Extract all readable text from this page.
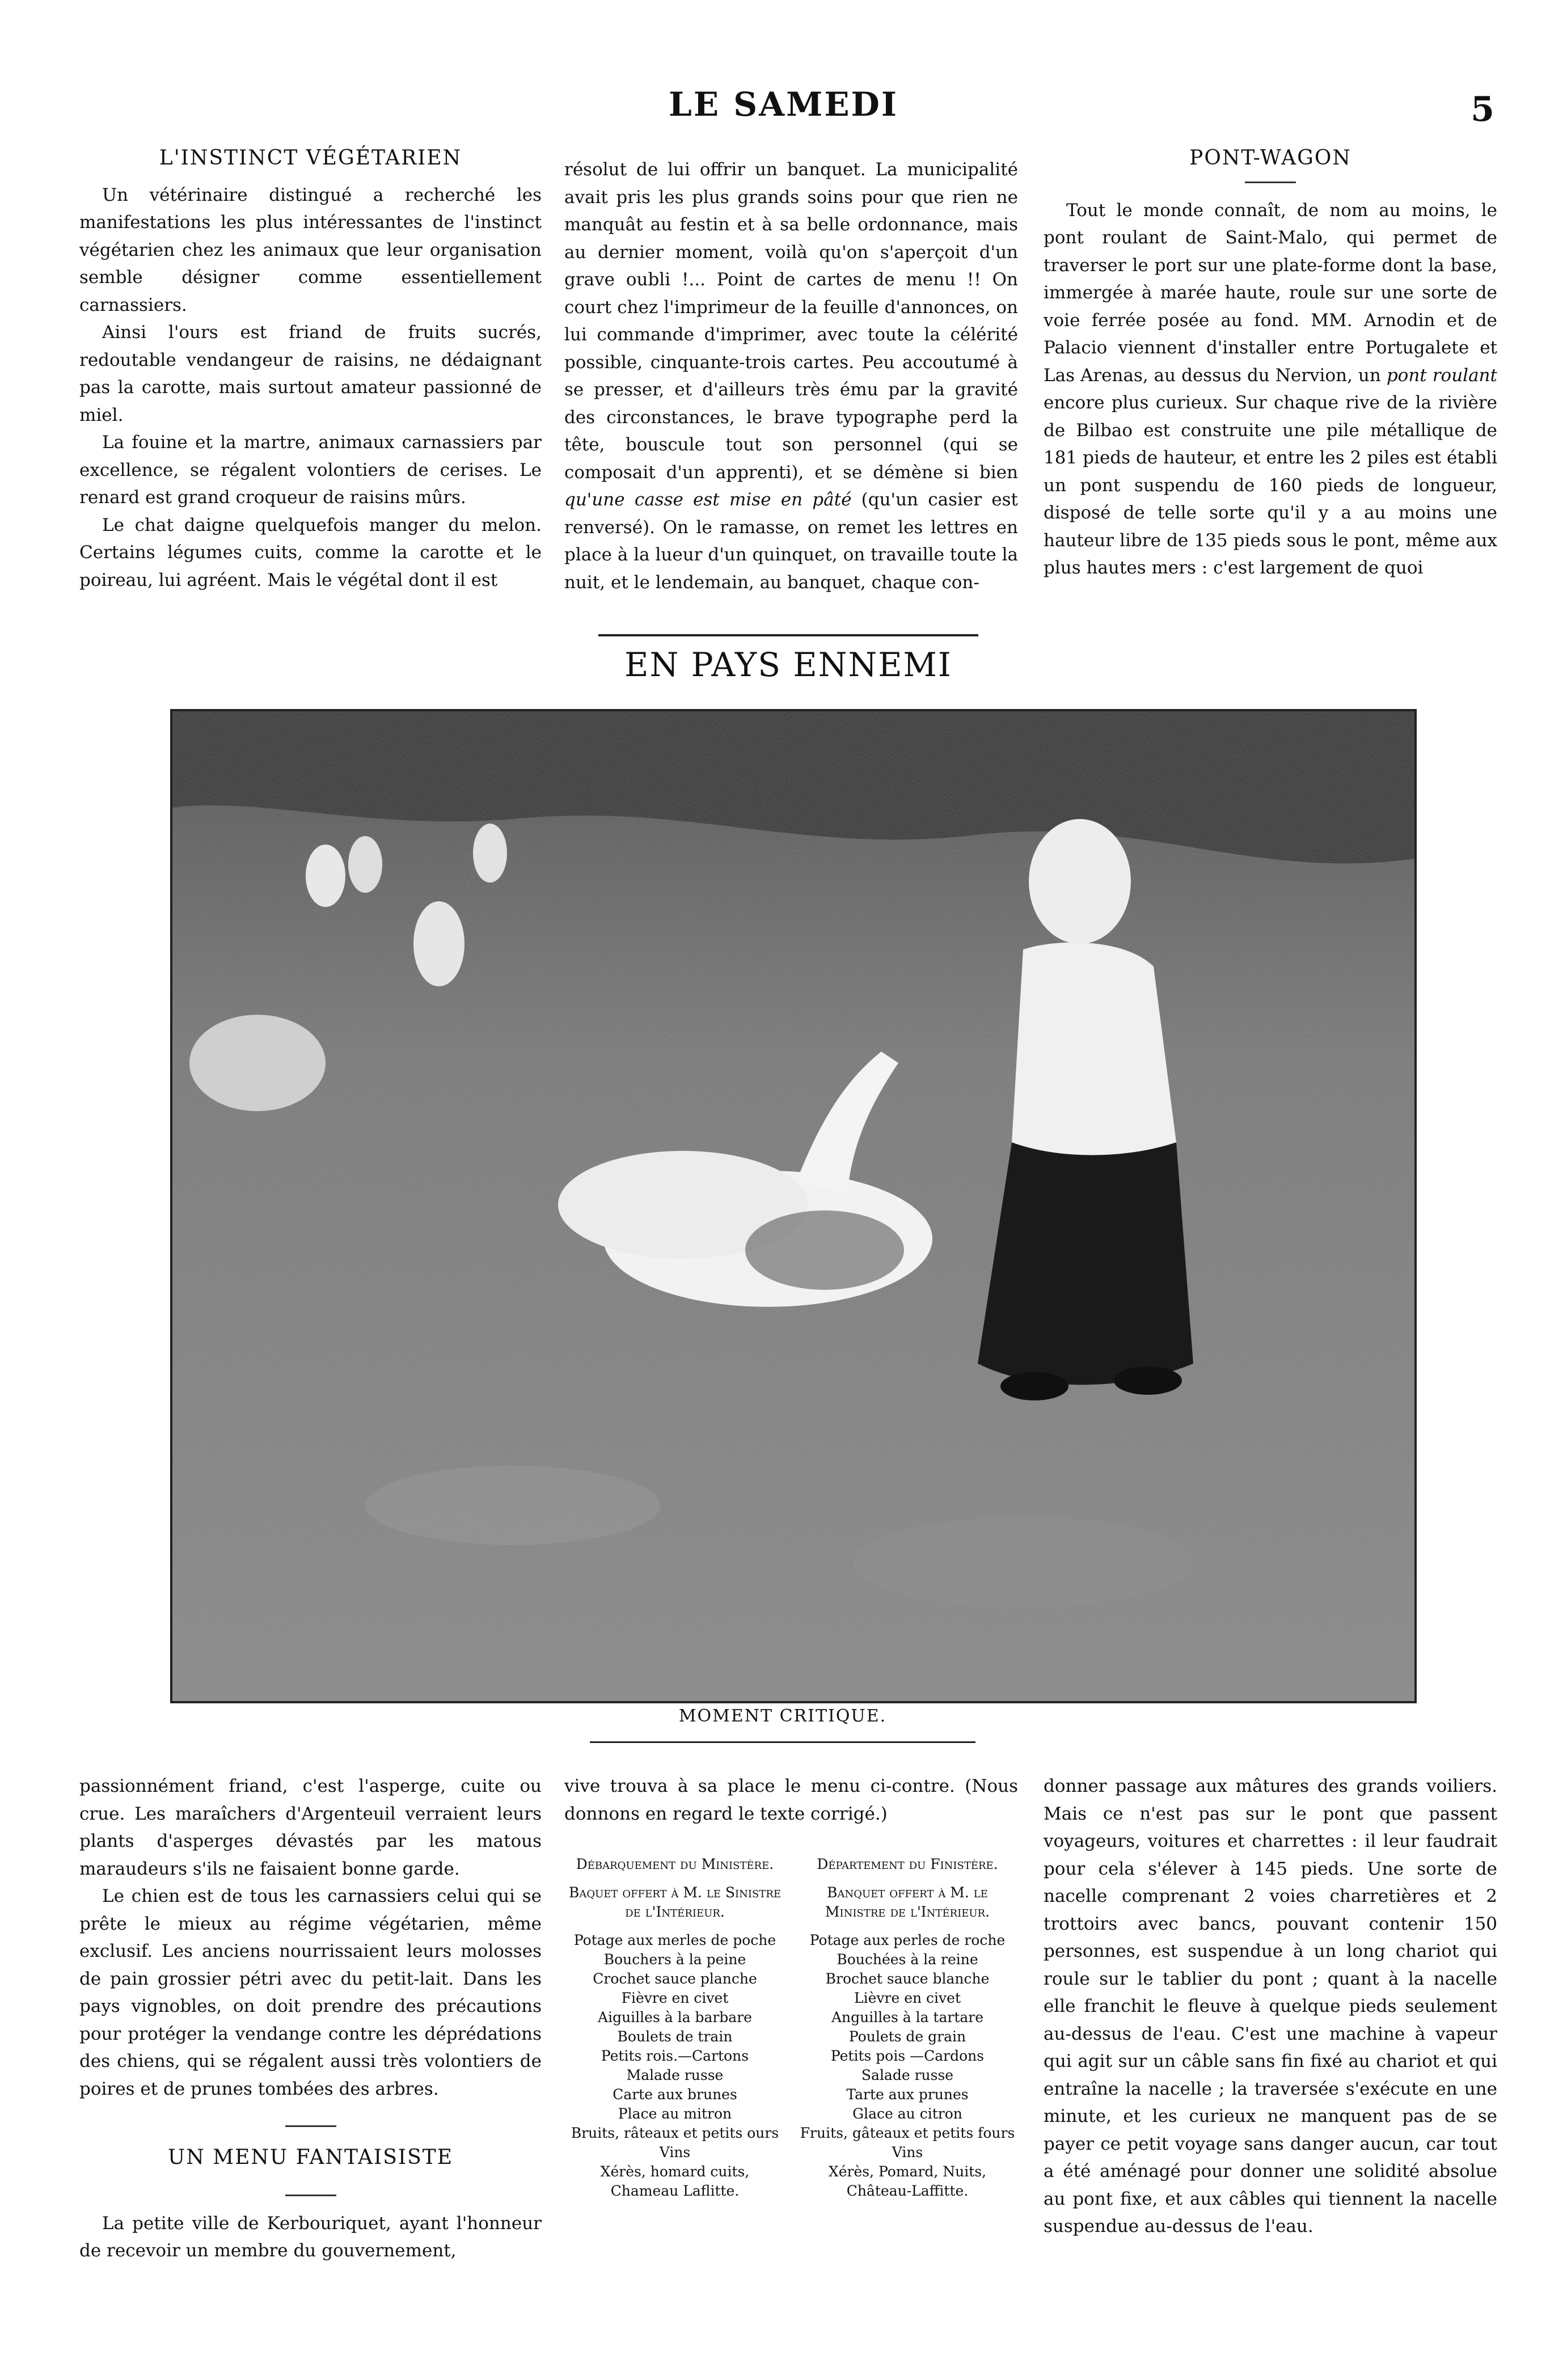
LE SAMEDI	5
L'INSTINCT VÉGÉTARIEN

Un vétérinaire distingué a recherché les manifestations les plus intéressantes de l'instinct végétarien chez les animaux que leur organisation semble désigner comme essentiellement carnassiers.

Ainsi l'ours est friand de fruits sucrés, redoutable vendangeur de raisins, ne dédaignant pas la carotte, mais surtout amateur passionné de miel.

La fouine et la martre, animaux carnassiers par excellence, se régalent volontiers de cerises. Le renard est grand croqueur de raisins mûrs.

Le chat daigne quelquefois manger du melon. Certains légumes cuits, comme la carotte et le poireau, lui agréent. Mais le végétal dont il est

résolut de lui offrir un banquet. La municipalité avait pris les plus grands soins pour que rien ne manquât au festin et à sa belle ordonnance, mais au dernier moment, voilà qu'on s'aperçoit d'un grave oubli !... Point de cartes de menu !! On court chez l'imprimeur de la feuille d'annonces, on lui commande d'imprimer, avec toute la célérité possible, cinquante-trois cartes. Peu accoutumé à se presser, et d'ailleurs très ému par la gravité des circonstances, le brave typographe perd la tête, bouscule tout son personnel (qui se composait d'un apprenti), et se démène si bien qu'une casse est mise en pâté (qu'un casier est renversé). On le ramasse, on remet les lettres en place à la lueur d'un quinquet, on travaille toute la nuit, et le lendemain, au banquet, chaque con-

PONT-WAGON

Tout le monde connaît, de nom au moins, le pont roulant de Saint-Malo, qui permet de traverser le port sur une plate-forme dont la base, immergée à marée haute, roule sur une sorte de voie ferrée posée au fond. MM. Arnodin et de Palacio viennent d'installer entre Portugalete et Las Arenas, au dessus du Nervion, un pont roulant encore plus curieux. Sur chaque rive de la rivière de Bilbao est construite une pile métallique de 181 pieds de hauteur, et entre les 2 piles est établi un pont suspendu de 160 pieds de longueur, disposé de telle sorte qu'il y a au moins une hauteur libre de 135 pieds sous le pont, même aux plus hautes mers : c'est largement de quoi

EN PAYS ENNEMI
MOMENT CRITIQUE.

passionnément friand, c'est l'asperge, cuite ou crue. Les maraîchers d'Argenteuil verraient leurs plants d'asperges dévastés par les matous maraudeurs s'ils ne faisaient bonne garde.

Le chien est de tous les carnassiers celui qui se prête le mieux au régime végétarien, même exclusif. Les anciens nourrissaient leurs molosses de pain grossier pétri avec du petit-lait. Dans les pays vignobles, on doit prendre des précautions pour protéger la vendange contre les déprédations des chiens, qui se régalent aussi très volontiers de poires et de prunes tombées des arbres.

UN MENU FANTAISISTE

La petite ville de Kerbouriquet, ayant l'honneur de recevoir un membre du gouvernement,

vive trouva à sa place le menu ci-contre. (Nous donnons en regard le texte corrigé.)

Débarquement du Ministère.
Baquet offert à M. le Sinistre de l'Intérieur.
Potage aux merles de poche
Bouchers à la peine
Crochet sauce planche
Fièvre en civet
Aiguilles à la barbare
Boulets de train
Petits rois.—Cartons
Malade russe
Carte aux brunes
Place au mitron
Bruits, râteaux et petits ours
Vins
Xérès, homard cuits, Chameau Laflitte.
Département du Finistère.
Banquet offert à M. le Ministre de l'Intérieur.
Potage aux perles de roche
Bouchées à la reine
Brochet sauce blanche
Lièvre en civet
Anguilles à la tartare
Poulets de grain
Petits pois —Cardons
Salade russe
Tarte aux prunes
Glace au citron
Fruits, gâteaux et petits fours
Vins
Xérès, Pomard, Nuits, Château-Laffitte.

donner passage aux mâtures des grands voiliers. Mais ce n'est pas sur le pont que passent voyageurs, voitures et charrettes : il leur faudrait pour cela s'élever à 145 pieds. Une sorte de nacelle comprenant 2 voies charretières et 2 trottoirs avec bancs, pouvant contenir 150 personnes, est suspendue à un long chariot qui roule sur le tablier du pont ; quant à la nacelle elle franchit le fleuve à quelque pieds seulement au-dessus de l'eau. C'est une machine à vapeur qui agit sur un câble sans fin fixé au chariot et qui entraîne la nacelle ; la traversée s'exécute en une minute, et les curieux ne manquent pas de se payer ce petit voyage sans danger aucun, car tout a été aménagé pour donner une solidité absolue au pont fixe, et aux câbles qui tiennent la nacelle suspendue au-dessus de l'eau.
